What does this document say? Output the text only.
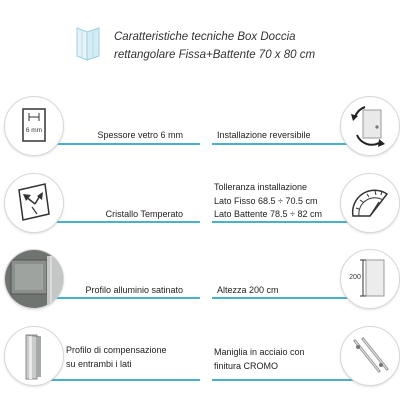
Caratteristiche tecniche Box Doccia
rettangolare Fissa+Battente 70 x 80 cm
6 mm	Spessore vetro 6 mm	Installazione reversibile
Cristallo Temperato
Tolleranza installazione
Lato Fisso 68.5 ÷ 70.5 cm
Lato Battente 78.5 ÷ 82 cm
Profilo alluminio satinato	Altezza 200 cm
200
Profilo di compensazione
su entrambi i lati
Maniglia in acciaio con
finitura CROMO
